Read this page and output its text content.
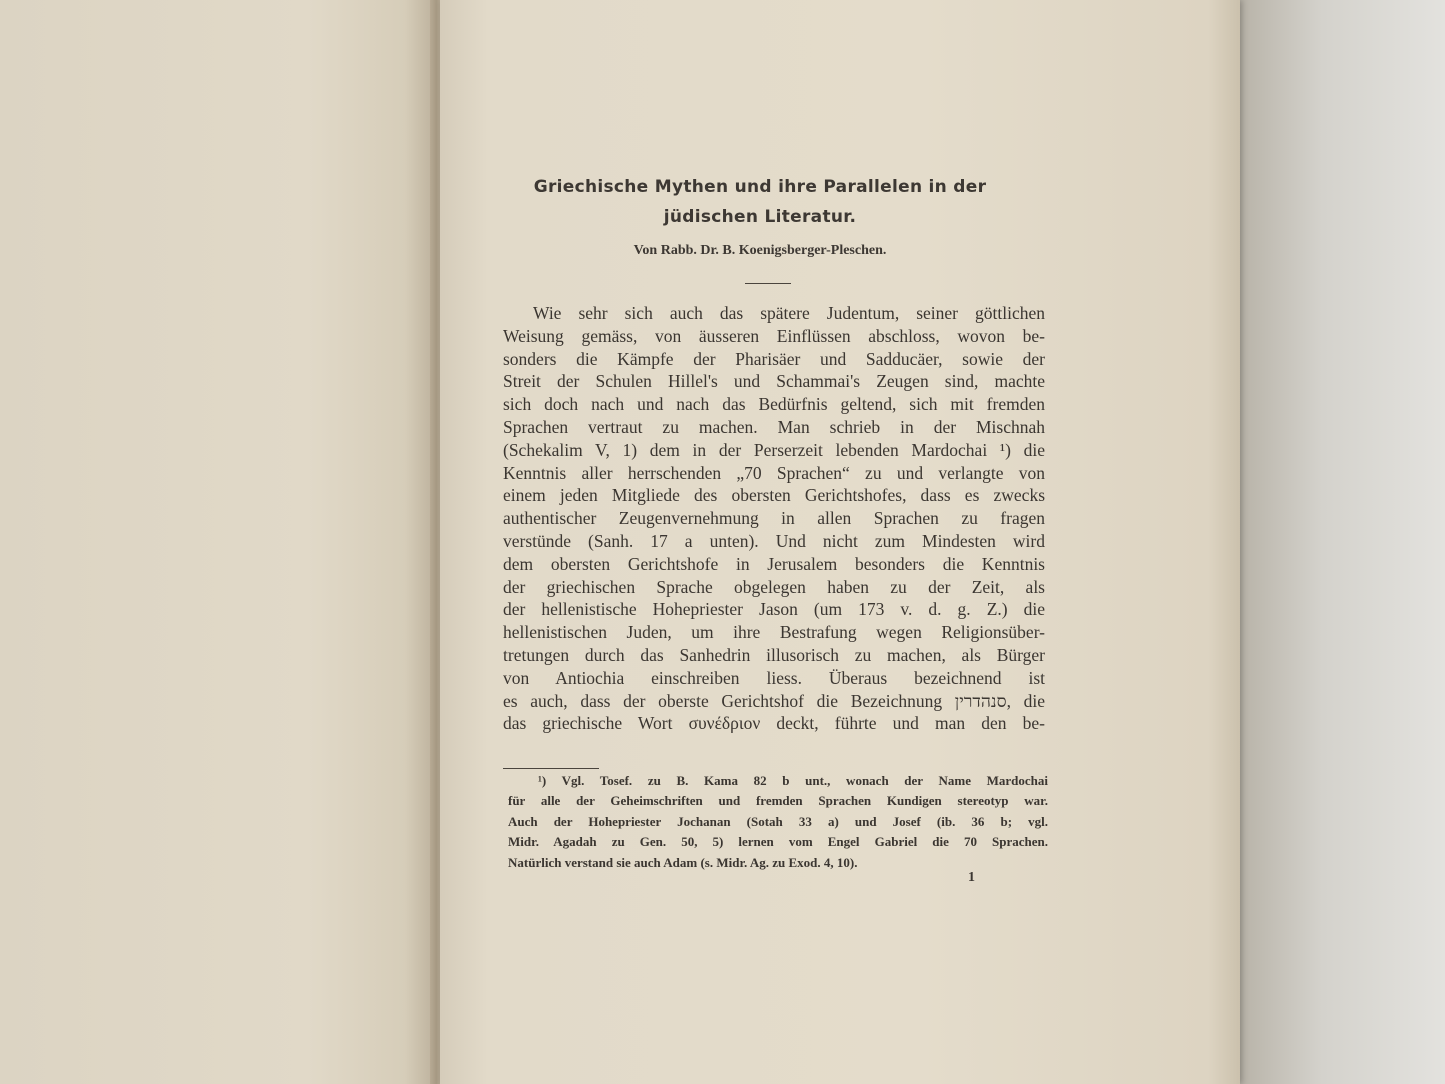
Griechische Mythen und ihre Parallelen in der
jüdischen Literatur.
Von Rabb. Dr. B. Koenigsberger-Pleschen.
Wie sehr sich auch das spätere Judentum, seiner göttlichen
Weisung gemäss, von äusseren Einflüssen abschloss, wovon be-
sonders die Kämpfe der Pharisäer und Sadducäer, sowie der
Streit der Schulen Hillel's und Schammai's Zeugen sind, machte
sich doch nach und nach das Bedürfnis geltend, sich mit fremden
Sprachen vertraut zu machen. Man schrieb in der Mischnah
(Schekalim V, 1) dem in der Perserzeit lebenden Mardochai ¹) die
Kenntnis aller herrschenden „70 Sprachen“ zu und verlangte von
einem jeden Mitgliede des obersten Gerichtshofes, dass es zwecks
authentischer Zeugenvernehmung in allen Sprachen zu fragen
verstünde (Sanh. 17 a unten). Und nicht zum Mindesten wird
dem obersten Gerichtshofe in Jerusalem besonders die Kenntnis
der griechischen Sprache obgelegen haben zu der Zeit, als
der hellenistische Hohepriester Jason (um 173 v. d. g. Z.) die
hellenistischen Juden, um ihre Bestrafung wegen Religionsüber-
tretungen durch das Sanhedrin illusorisch zu machen, als Bürger
von Antiochia einschreiben liess. Überaus bezeichnend ist
es auch, dass der oberste Gerichtshof die Bezeichnung סנהדרין, die
das griechische Wort συνέδριον deckt, führte und man den be-
¹) Vgl. Tosef. zu B. Kama 82 b unt., wonach der Name Mardochai
für alle der Geheimschriften und fremden Sprachen Kundigen stereotyp war.
Auch der Hohepriester Jochanan (Sotah 33 a) und Josef (ib. 36 b; vgl.
Midr. Agadah zu Gen. 50, 5) lernen vom Engel Gabriel die 70 Sprachen.
Natürlich verstand sie auch Adam (s. Midr. Ag. zu Exod. 4, 10).
1
